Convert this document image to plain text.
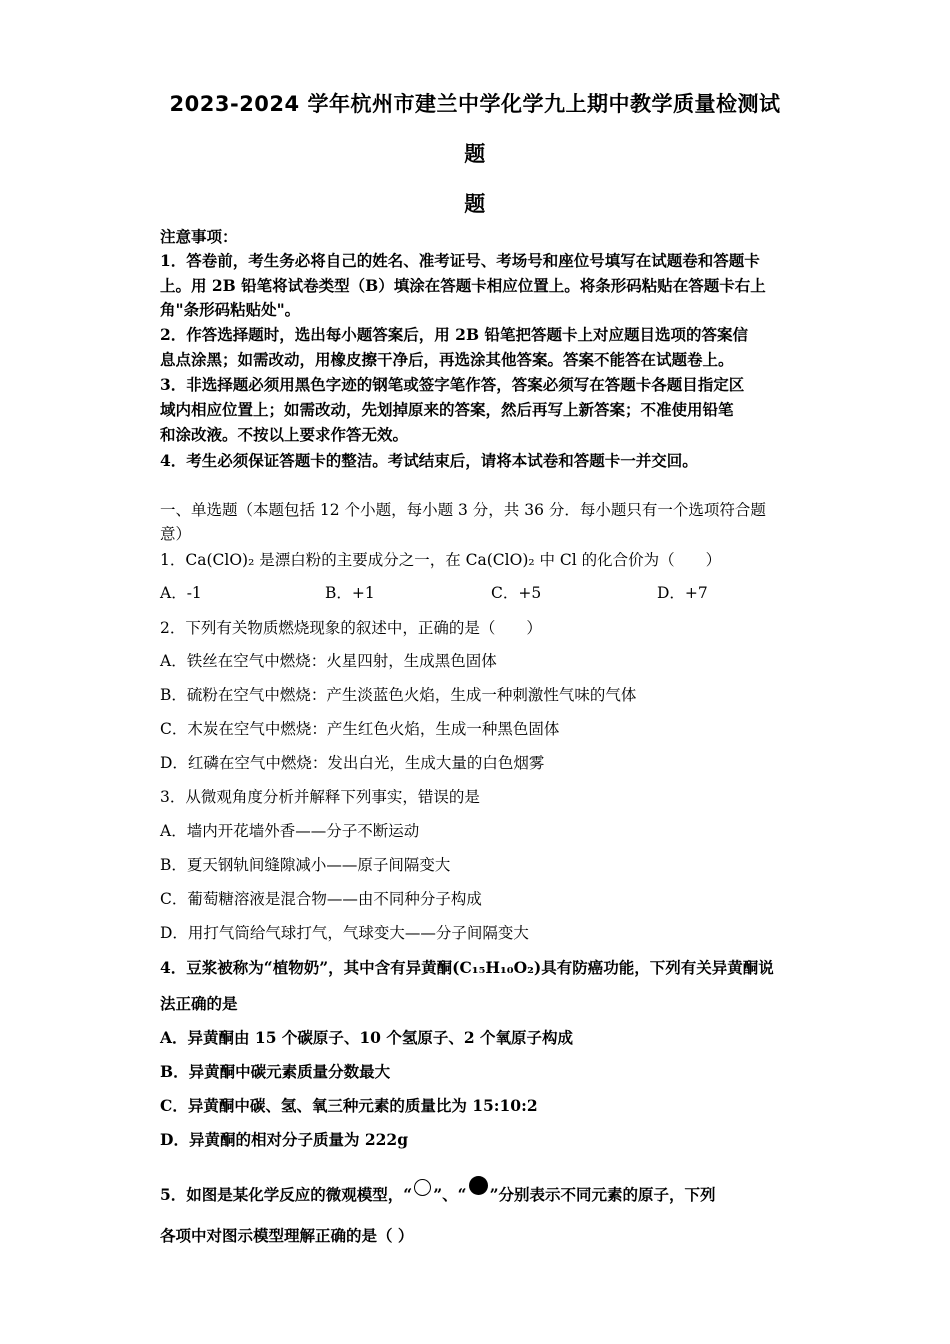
2023-2024 学年杭州市建兰中学化学九上期中教学质量检测试
题
题
注意事项：
1．答卷前，考生务必将自己的姓名、准考证号、考场号和座位号填写在试题卷和答题卡
上。用 2B 铅笔将试卷类型（B）填涂在答题卡相应位置上。将条形码粘贴在答题卡右上
角"条形码粘贴处"。
2．作答选择题时，选出每小题答案后，用 2B 铅笔把答题卡上对应题目选项的答案信
息点涂黑；如需改动，用橡皮擦干净后，再选涂其他答案。答案不能答在试题卷上。
3．非选择题必须用黑色字迹的钢笔或签字笔作答，答案必须写在答题卡各题目指定区
域内相应位置上；如需改动，先划掉原来的答案，然后再写上新答案；不准使用铅笔
和涂改液。不按以上要求作答无效。
4．考生必须保证答题卡的整洁。考试结束后，请将本试卷和答题卡一并交回。
一、单选题（本题包括 12 个小题，每小题 3 分，共 36 分．每小题只有一个选项符合题
意）
1．Ca(ClO)₂ 是漂白粉的主要成分之一，在 Ca(ClO)₂ 中 Cl 的化合价为（　　）
A．-1	B．+1	C．+5	D．+7
2．下列有关物质燃烧现象的叙述中，正确的是（　　）
A．铁丝在空气中燃烧：火星四射，生成黑色固体
B．硫粉在空气中燃烧：产生淡蓝色火焰，生成一种刺激性气味的气体
C．木炭在空气中燃烧：产生红色火焰，生成一种黑色固体
D．红磷在空气中燃烧：发出白光，生成大量的白色烟雾
3．从微观角度分析并解释下列事实，错误的是
A．墙内开花墙外香——分子不断运动
B．夏天钢轨间缝隙减小——原子间隔变大
C．葡萄糖溶液是混合物——由不同种分子构成
D．用打气筒给气球打气，气球变大——分子间隔变大
4．豆浆被称为“植物奶”，其中含有异黄酮(C₁₅H₁₀O₂)具有防癌功能，下列有关异黄酮说
法正确的是
A．异黄酮由 15 个碳原子、10 个氢原子、2 个氧原子构成
B．异黄酮中碳元素质量分数最大
C．异黄酮中碳、氢、氧三种元素的质量比为 15:10:2
D．异黄酮的相对分子质量为 222g
5．如图是某化学反应的微观模型，“ ”、“ ”分别表示不同元素的原子，下列
各项中对图示模型理解正确的是（ ）
